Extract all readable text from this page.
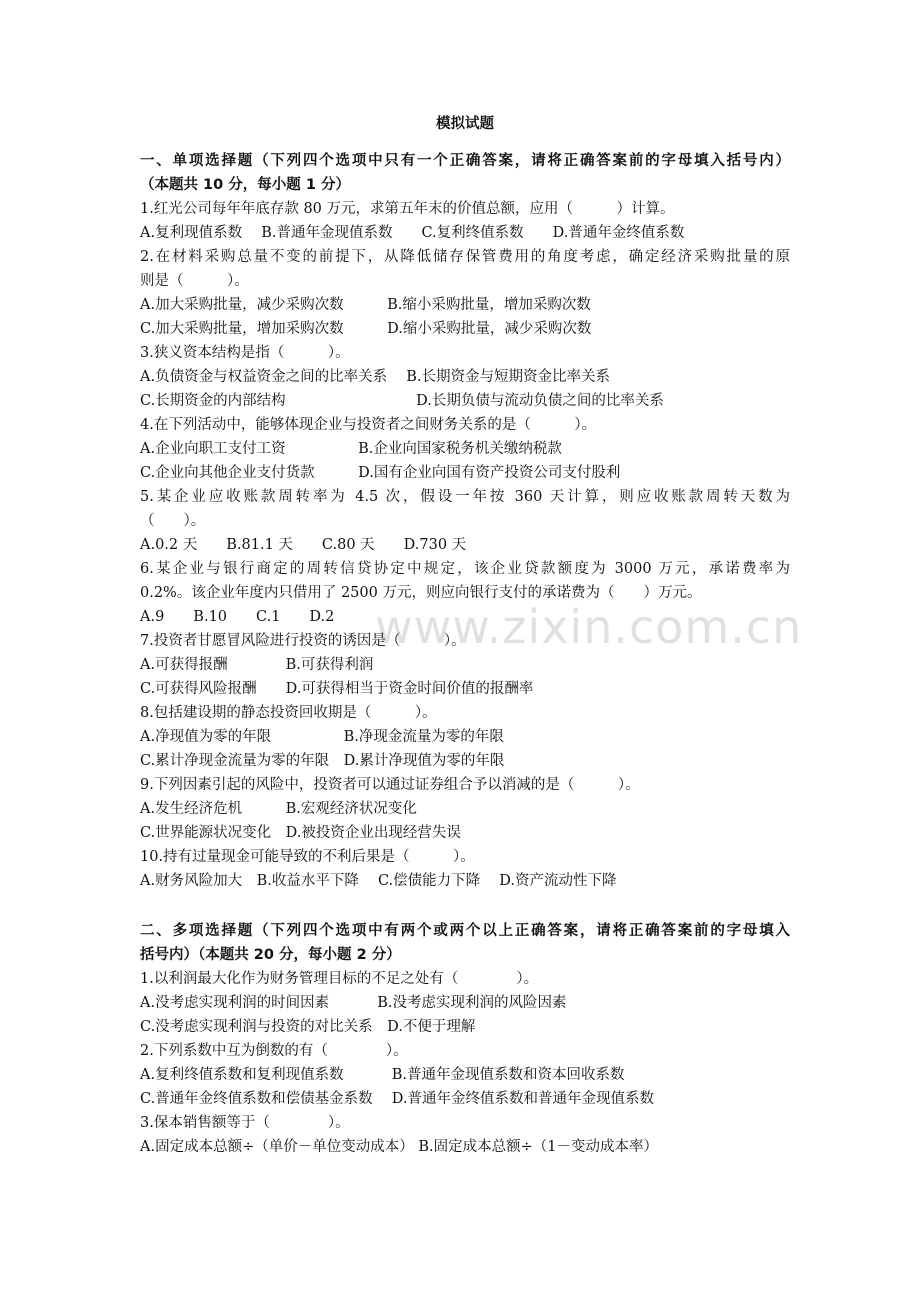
模拟试题
一、单项选择题（下列四个选项中只有一个正确答案，请将正确答案前的字母填入括号内）
（本题共 10 分，每小题 1 分）
1.红光公司每年年底存款 80 万元，求第五年末的价值总额，应用（　　　）计算。
A.复利现值系数　 B.普通年金现值系数　　C.复利终值系数　　D.普通年金终值系数
2.在材料采购总量不变的前提下，从降低储存保管费用的角度考虑，确定经济采购批量的原
则是（　　　）。
A.加大采购批量，减少采购次数　　　B.缩小采购批量，增加采购次数
C.加大采购批量，增加采购次数　　　D.缩小采购批量，减少采购次数
3.狭义资本结构是指（　　　）。
A.负债资金与权益资金之间的比率关系　 B.长期资金与短期资金比率关系
C.长期资金的内部结构　　　　　　　　　D.长期负债与流动负债之间的比率关系
4.在下列活动中，能够体现企业与投资者之间财务关系的是（　　　）。
A.企业向职工支付工资　　　　　B.企业向国家税务机关缴纳税款
C.企业向其他企业支付货款　　　D.国有企业向国有资产投资公司支付股利
5.某企业应收账款周转率为 4.5 次，假设一年按 360 天计算，则应收账款周转天数为
（　　）。
A.0.2 天　　B.81.1 天　　C.80 天　　D.730 天
6.某企业与银行商定的周转信贷协定中规定，该企业贷款额度为 3000 万元，承诺费率为
0.2%。该企业年度内只借用了 2500 万元，则应向银行支付的承诺费为（　　）万元。
A.9　　B.10　　C.1　　D.2
7.投资者甘愿冒风险进行投资的诱因是（　　　）。
A.可获得报酬　　　　B.可获得利润
C.可获得风险报酬　　D.可获得相当于资金时间价值的报酬率
8.包括建设期的静态投资回收期是（　　　）。
A.净现值为零的年限　　　　　B.净现金流量为零的年限
C.累计净现金流量为零的年限　D.累计净现值为零的年限
9.下列因素引起的风险中，投资者可以通过证券组合予以消减的是（　　　）。
A.发生经济危机　　　B.宏观经济状况变化
C.世界能源状况变化　D.被投资企业出现经营失误
10.持有过量现金可能导致的不利后果是（　　　）。
A.财务风险加大　B.收益水平下降　 C.偿债能力下降　 D.资产流动性下降
二、多项选择题（下列四个选项中有两个或两个以上正确答案，请将正确答案前的字母填入
括号内）（本题共 20 分，每小题 2 分）
1.以利润最大化作为财务管理目标的不足之处有（　　　　）。
A.没考虑实现利润的时间因素　　　 B.没考虑实现利润的风险因素
C.没考虑实现利润与投资的对比关系　D.不便于理解
2.下列系数中互为倒数的有（　　　　）。
A.复利终值系数和复利现值系数　　　 B.普通年金现值系数和资本回收系数
C.普通年金终值系数和偿债基金系数　 D.普通年金终值系数和普通年金现值系数
3.保本销售额等于（　　　　）。
A.固定成本总额÷（单价－单位变动成本） B.固定成本总额÷（1－变动成本率）
www.zixin.com.cn
